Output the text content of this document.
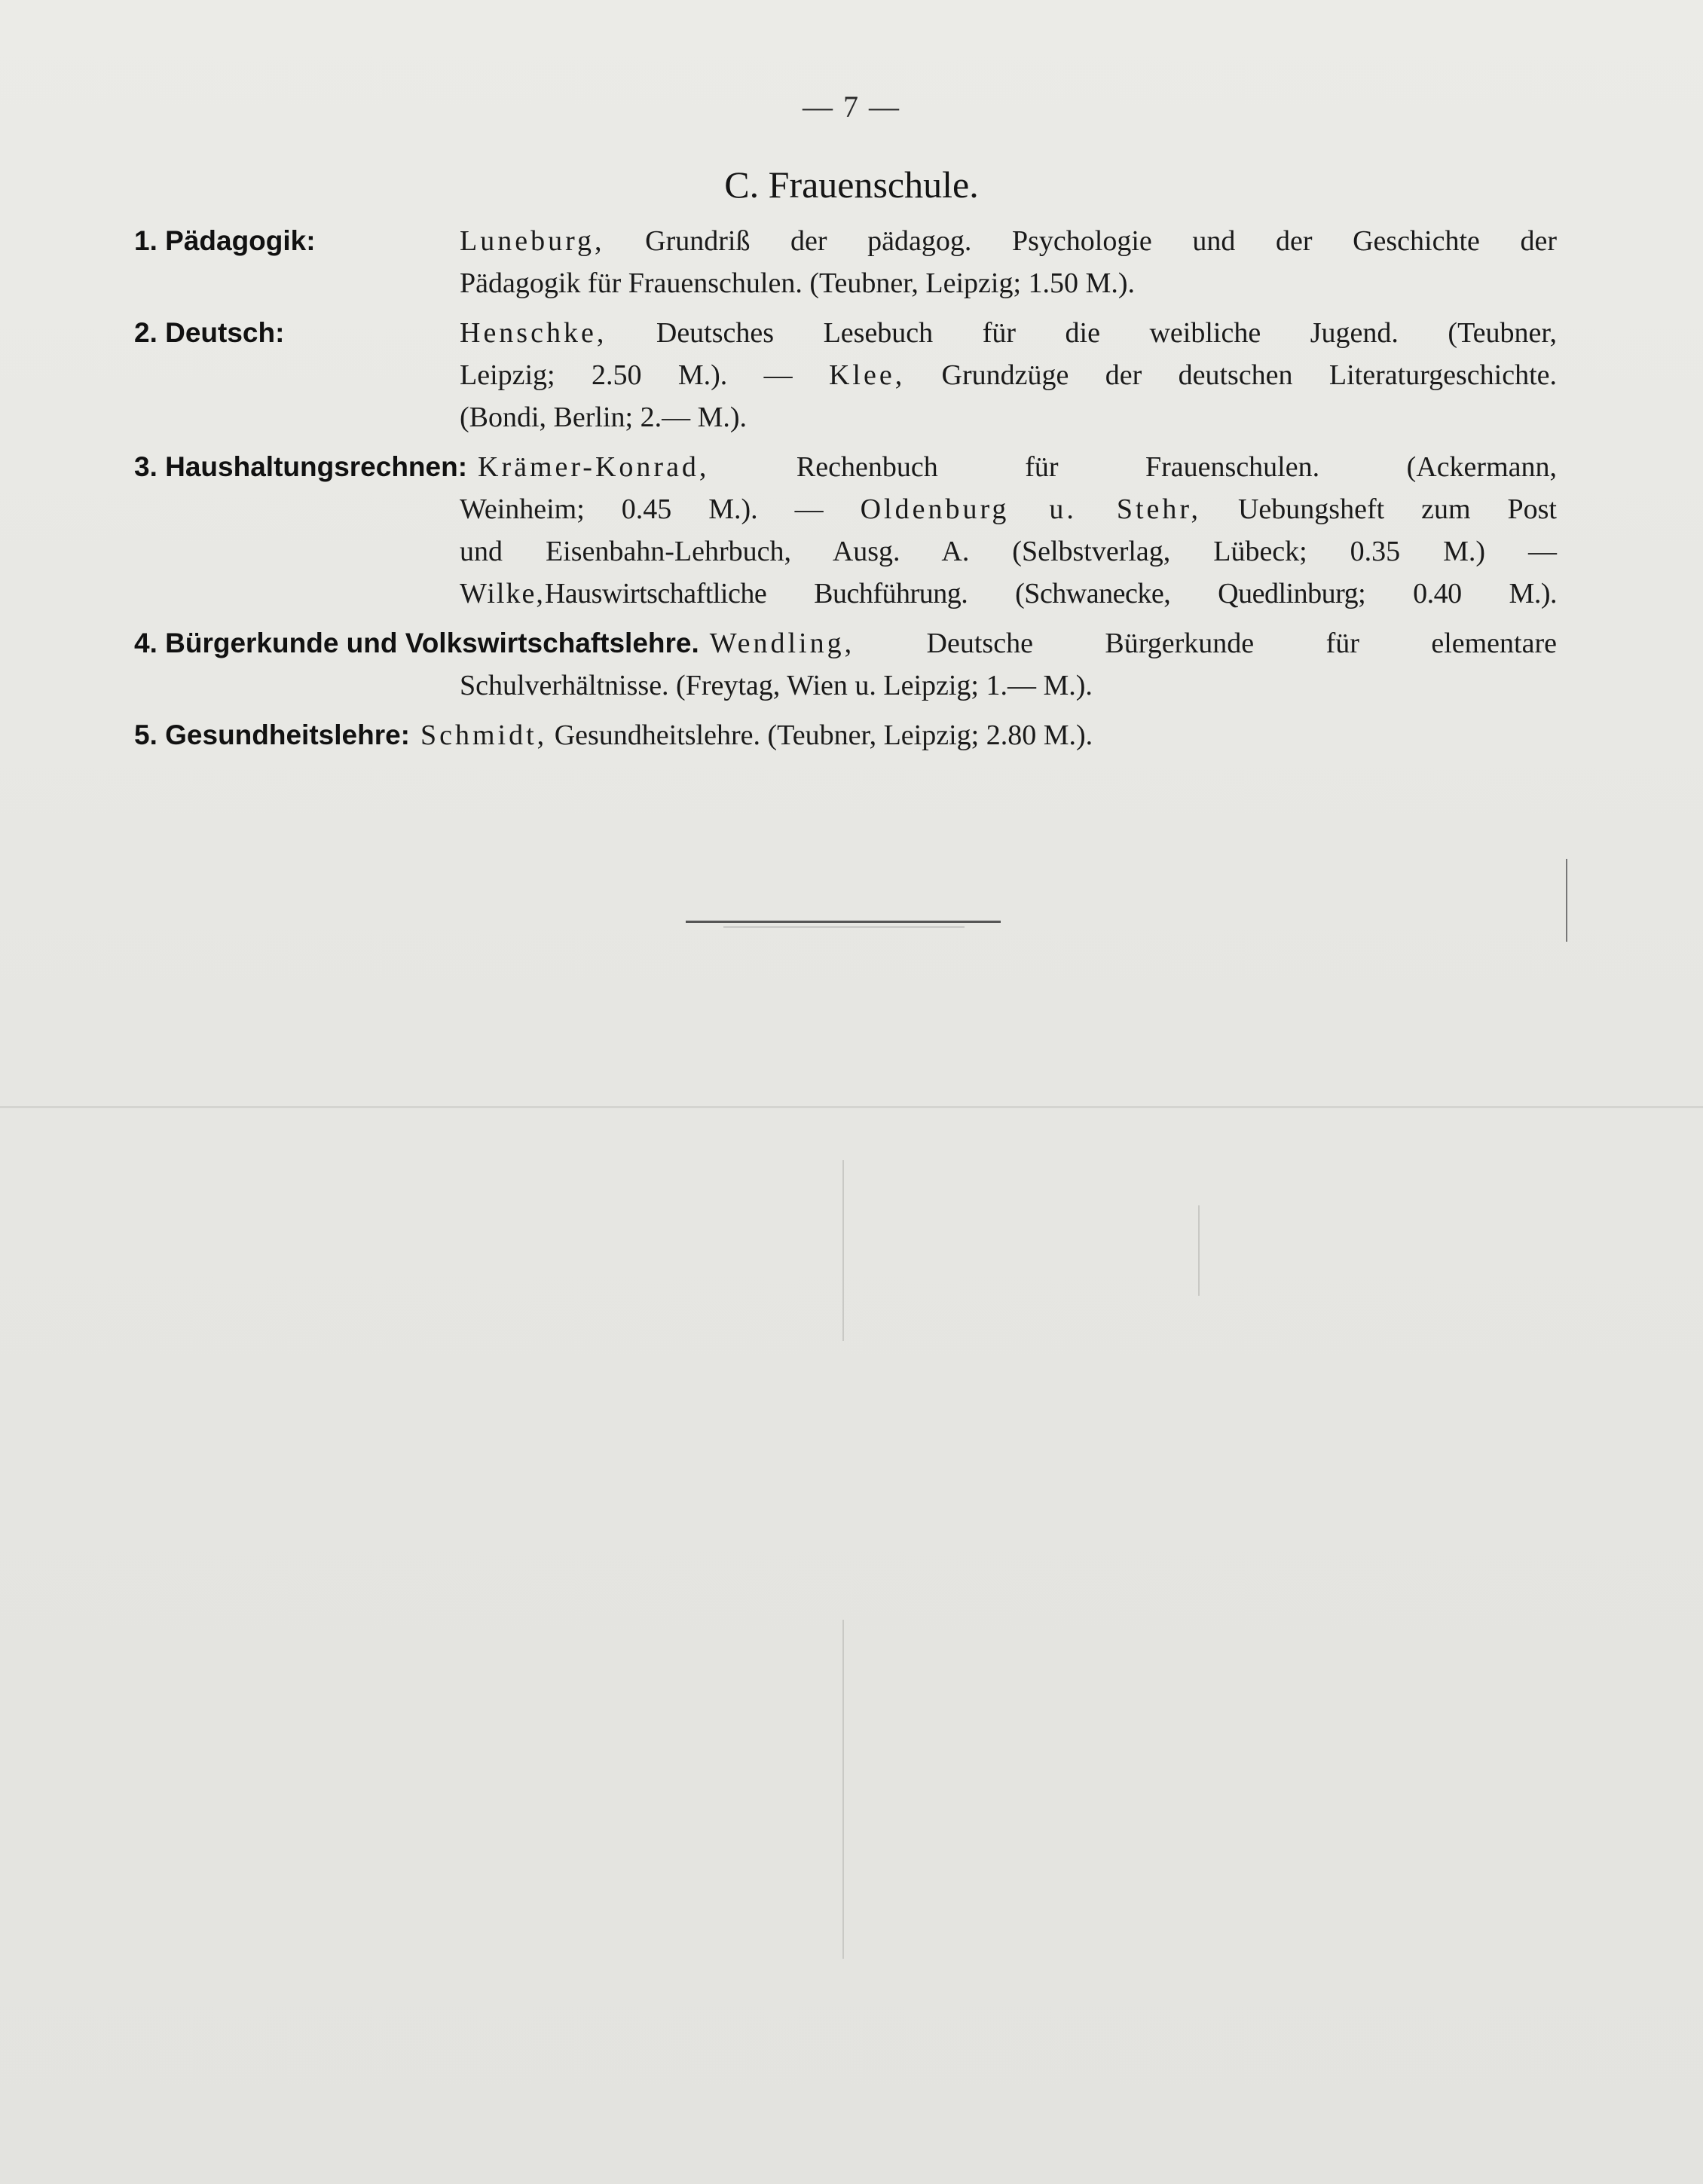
— 7 —
C. Frauenschule.
1. Pädagogik:	Luneburg, Grundriß der pädagog. Psychologie und der Geschichte der
Pädagogik für Frauenschulen. (Teubner, Leipzig; 1.50 M.).
2. Deutsch:	Henschke, Deutsches Lesebuch für die weibliche Jugend. (Teubner,
Leipzig; 2.50 M.). — Klee, Grundzüge der deutschen Literaturgeschichte.
(Bondi, Berlin; 2.— M.).
3. Haushaltungsrechnen: Krämer-Konrad, Rechenbuch für Frauenschulen. (Ackermann,
Weinheim; 0.45 M.). — Oldenburg u. Stehr, Uebungsheft zum Post
und Eisenbahn-Lehrbuch, Ausg. A. (Selbstverlag, Lübeck; 0.35 M.) —
Wilke,Hauswirtschaftliche Buchführung. (Schwanecke, Quedlinburg; 0.40 M.).
4. Bürgerkunde und Volkswirtschaftslehre. Wendling, Deutsche Bürgerkunde für elementare
Schulverhältnisse. (Freytag, Wien u. Leipzig; 1.— M.).
5. Gesundheitslehre: Schmidt, Gesundheitslehre. (Teubner, Leipzig; 2.80 M.).
